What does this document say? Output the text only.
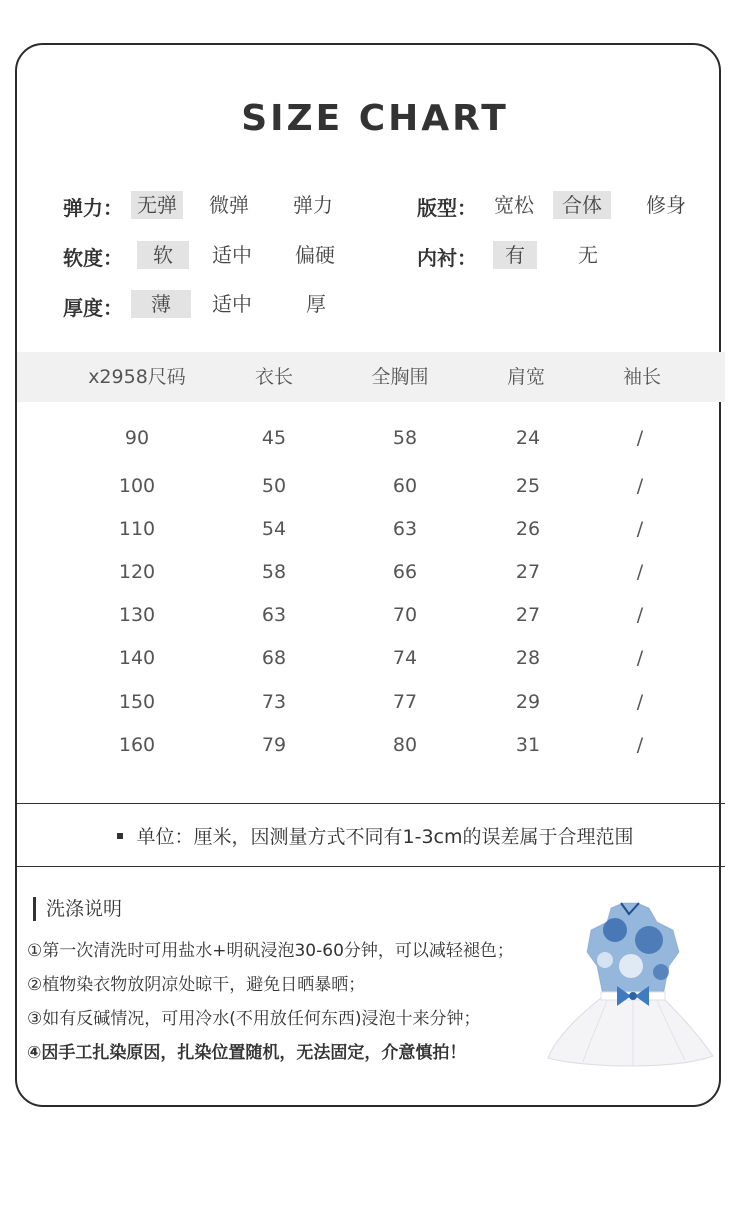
SIZE CHART
弹力： 无弹	微弹	弹力	版型： 宽松	合体	修身
软度：	软	适中	偏硬	内衬：	有	无
厚度：	薄	适中	厚
x2958尺码	衣长	全胸围	肩宽	袖长
90	45	58	24	/
100	50	60	25	/
110	54	63	26	/
120	58	66	27	/
130	63	70	27	/
140	68	74	28	/
150	73	77	29	/
160	79	80	31	/
单位：厘米，因测量方式不同有1-3cm的误差属于合理范围
洗涤说明
①第一次清洗时可用盐水+明矾浸泡30-60分钟，可以减轻褪色；
②植物染衣物放阴凉处晾干，避免日晒暴晒；
③如有反碱情况，可用冷水(不用放任何东西)浸泡十来分钟；
④因手工扎染原因，扎染位置随机，无法固定，介意慎拍！
